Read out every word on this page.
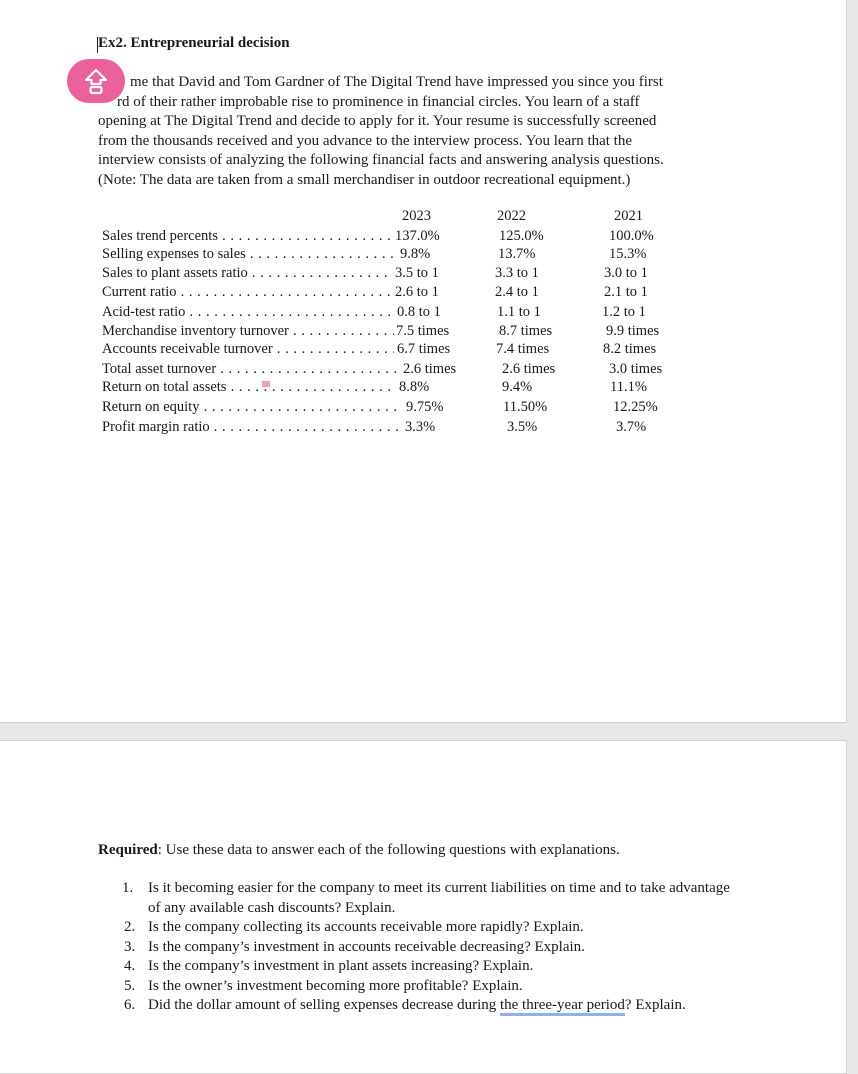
Ex2. Entrepreneurial decision
me that David and Tom Gardner of The Digital Trend have impressed you since you first
rd of their rather improbable rise to prominence in financial circles. You learn of a staff
opening at The Digital Trend and decide to apply for it. Your resume is successfully screened
from the thousands received and you advance to the interview process. You learn that the
interview consists of analyzing the following financial facts and answering analysis questions.
(Note: The data are taken from a small merchandiser in outdoor recreational equipment.)
2023	2022	2021
Sales trend percents . . .	137.0%	125.0%	100.0%
Selling expenses to sales . . .	9.8%	13.7%	15.3%
Sales to plant assets ratio . . .	3.5 to 1	3.3 to 1	3.0 to 1
Current ratio . . .	2.6 to 1	2.4 to 1	2.1 to 1
Acid-test ratio . . .	0.8 to 1	1.1 to 1	1.2 to 1
Merchandise inventory turnover . . .	7.5 times	8.7 times	9.9 times
Accounts receivable turnover . . .	6.7 times	7.4 times	8.2 times
Total asset turnover . . .	2.6 times	2.6 times	3.0 times
Return on total assets . . .	8.8%	9.4%	11.1%
Return on equity . . .	9.75%	11.50%	12.25%
Profit margin ratio . . .	3.3%	3.5%	3.7%
Required: Use these data to answer each of the following questions with explanations.
1. Is it becoming easier for the company to meet its current liabilities on time and to take advantage of any available cash discounts? Explain.
2. Is the company collecting its accounts receivable more rapidly? Explain.
3. Is the company’s investment in accounts receivable decreasing? Explain.
4. Is the company’s investment in plant assets increasing? Explain.
5. Is the owner’s investment becoming more profitable? Explain.
6. Did the dollar amount of selling expenses decrease during the three-year period? Explain.
